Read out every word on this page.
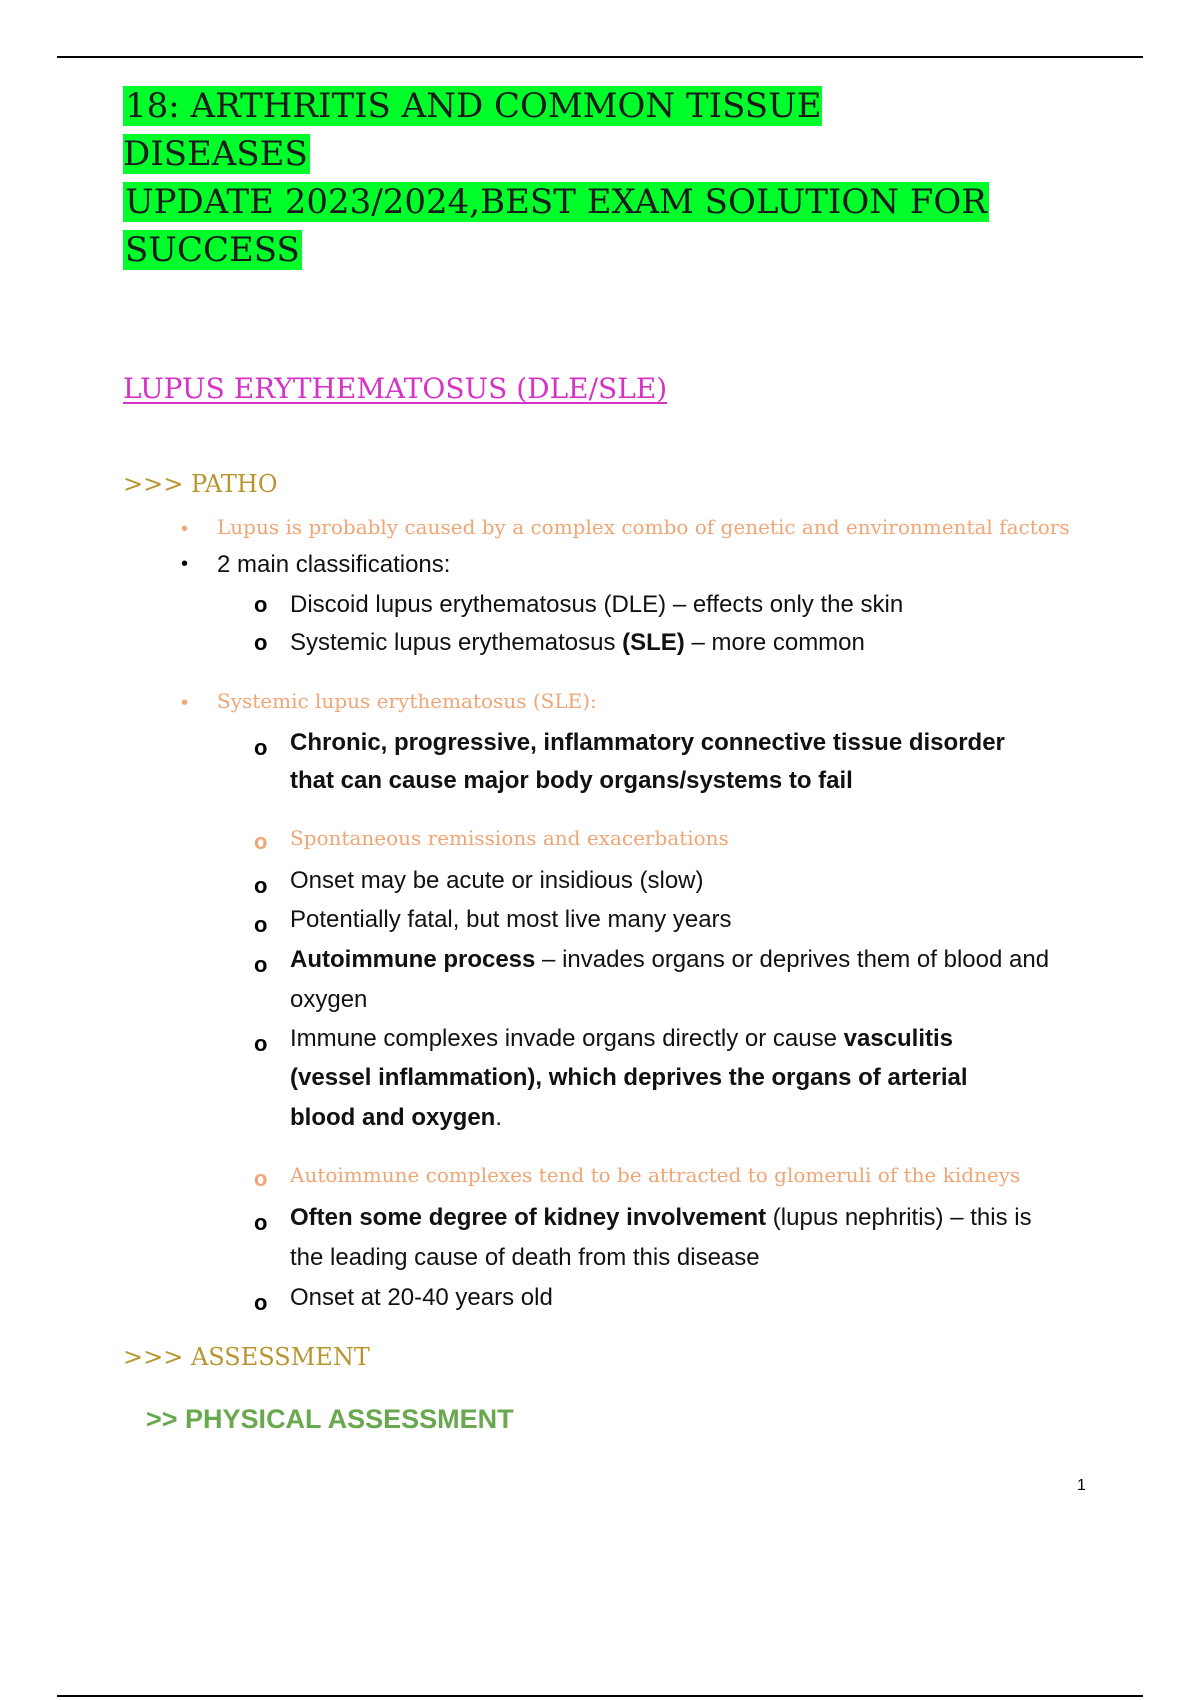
18: ARTHRITIS AND COMMON TISSUE DISEASES
UPDATE 2023/2024,BEST EXAM SOLUTION FOR
SUCCESS
LUPUS ERYTHEMATOSUS (DLE/SLE)
>>> PATHO
• Lupus is probably caused by a complex combo of genetic and environmental factors
• 2 main classifications:
o Discoid lupus erythematosus (DLE) – effects only the skin
o Systemic lupus erythematosus (SLE) – more common
• Systemic lupus erythematosus (SLE):
o Chronic, progressive, inflammatory connective tissue disorder
that can cause major body organs/systems to fail
o Spontaneous remissions and exacerbations
o Onset may be acute or insidious (slow)
o Potentially fatal, but most live many years
o Autoimmune process – invades organs or deprives them of blood and
oxygen
o Immune complexes invade organs directly or cause vasculitis
(vessel inflammation), which deprives the organs of arterial
blood and oxygen.
o Autoimmune complexes tend to be attracted to glomeruli of the kidneys
o Often some degree of kidney involvement (lupus nephritis) – this is
the leading cause of death from this disease
o Onset at 20-40 years old
>>> ASSESSMENT
>> PHYSICAL ASSESSMENT
1
